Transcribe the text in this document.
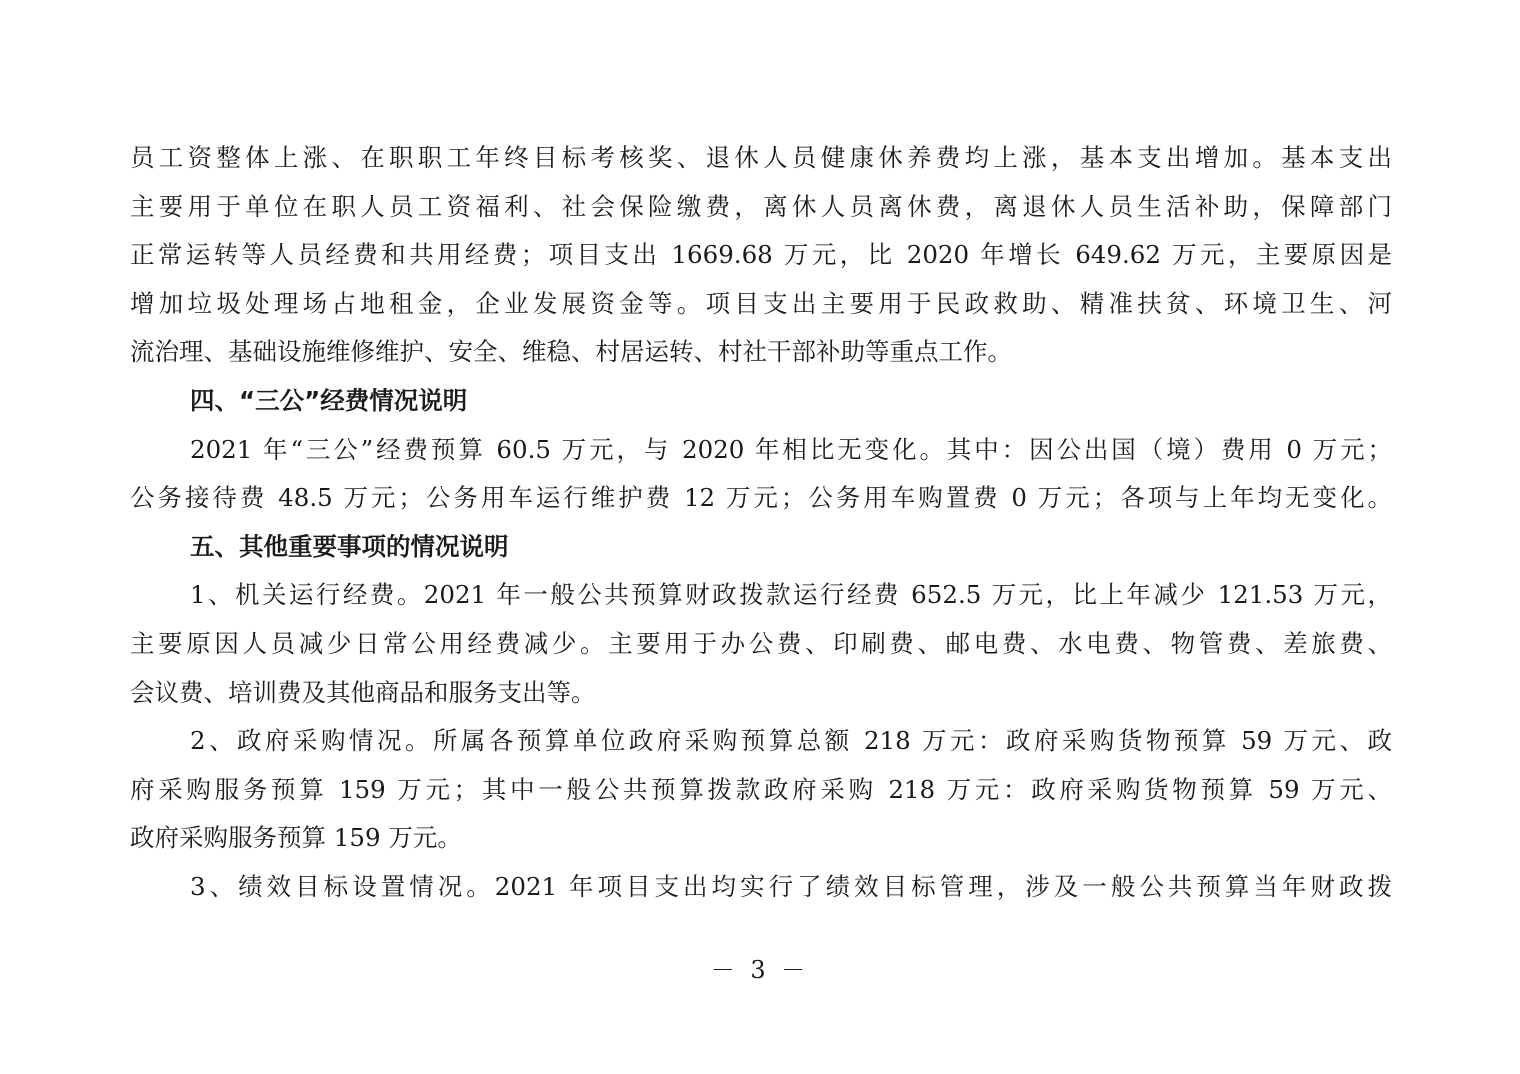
员工资整体上涨、在职职工年终目标考核奖、退休人员健康休养费均上涨，基本支出增加。基本支出
主要用于单位在职人员工资福利、社会保险缴费，离休人员离休费，离退休人员生活补助，保障部门
正常运转等人员经费和共用经费；项目支出 1669.68 万元，比 2020 年增长 649.62 万元，主要原因是
增加垃圾处理场占地租金，企业发展资金等。项目支出主要用于民政救助、精准扶贫、环境卫生、河
流治理、基础设施维修维护、安全、维稳、村居运转、村社干部补助等重点工作。
四、“三公”经费情况说明
2021 年“三公”经费预算 60.5 万元，与 2020 年相比无变化。其中：因公出国（境）费用 0 万元；
公务接待费 48.5 万元；公务用车运行维护费 12 万元；公务用车购置费 0 万元；各项与上年均无变化。
五、其他重要事项的情况说明
1、机关运行经费。2021 年一般公共预算财政拨款运行经费 652.5 万元，比上年减少 121.53 万元，
主要原因人员减少日常公用经费减少。主要用于办公费、印刷费、邮电费、水电费、物管费、差旅费、
会议费、培训费及其他商品和服务支出等。
2、政府采购情况。所属各预算单位政府采购预算总额 218 万元：政府采购货物预算 59 万元、政
府采购服务预算 159 万元；其中一般公共预算拨款政府采购 218 万元：政府采购货物预算 59 万元、
政府采购服务预算 159 万元。
3、绩效目标设置情况。2021 年项目支出均实行了绩效目标管理，涉及一般公共预算当年财政拨
－ 3 －
